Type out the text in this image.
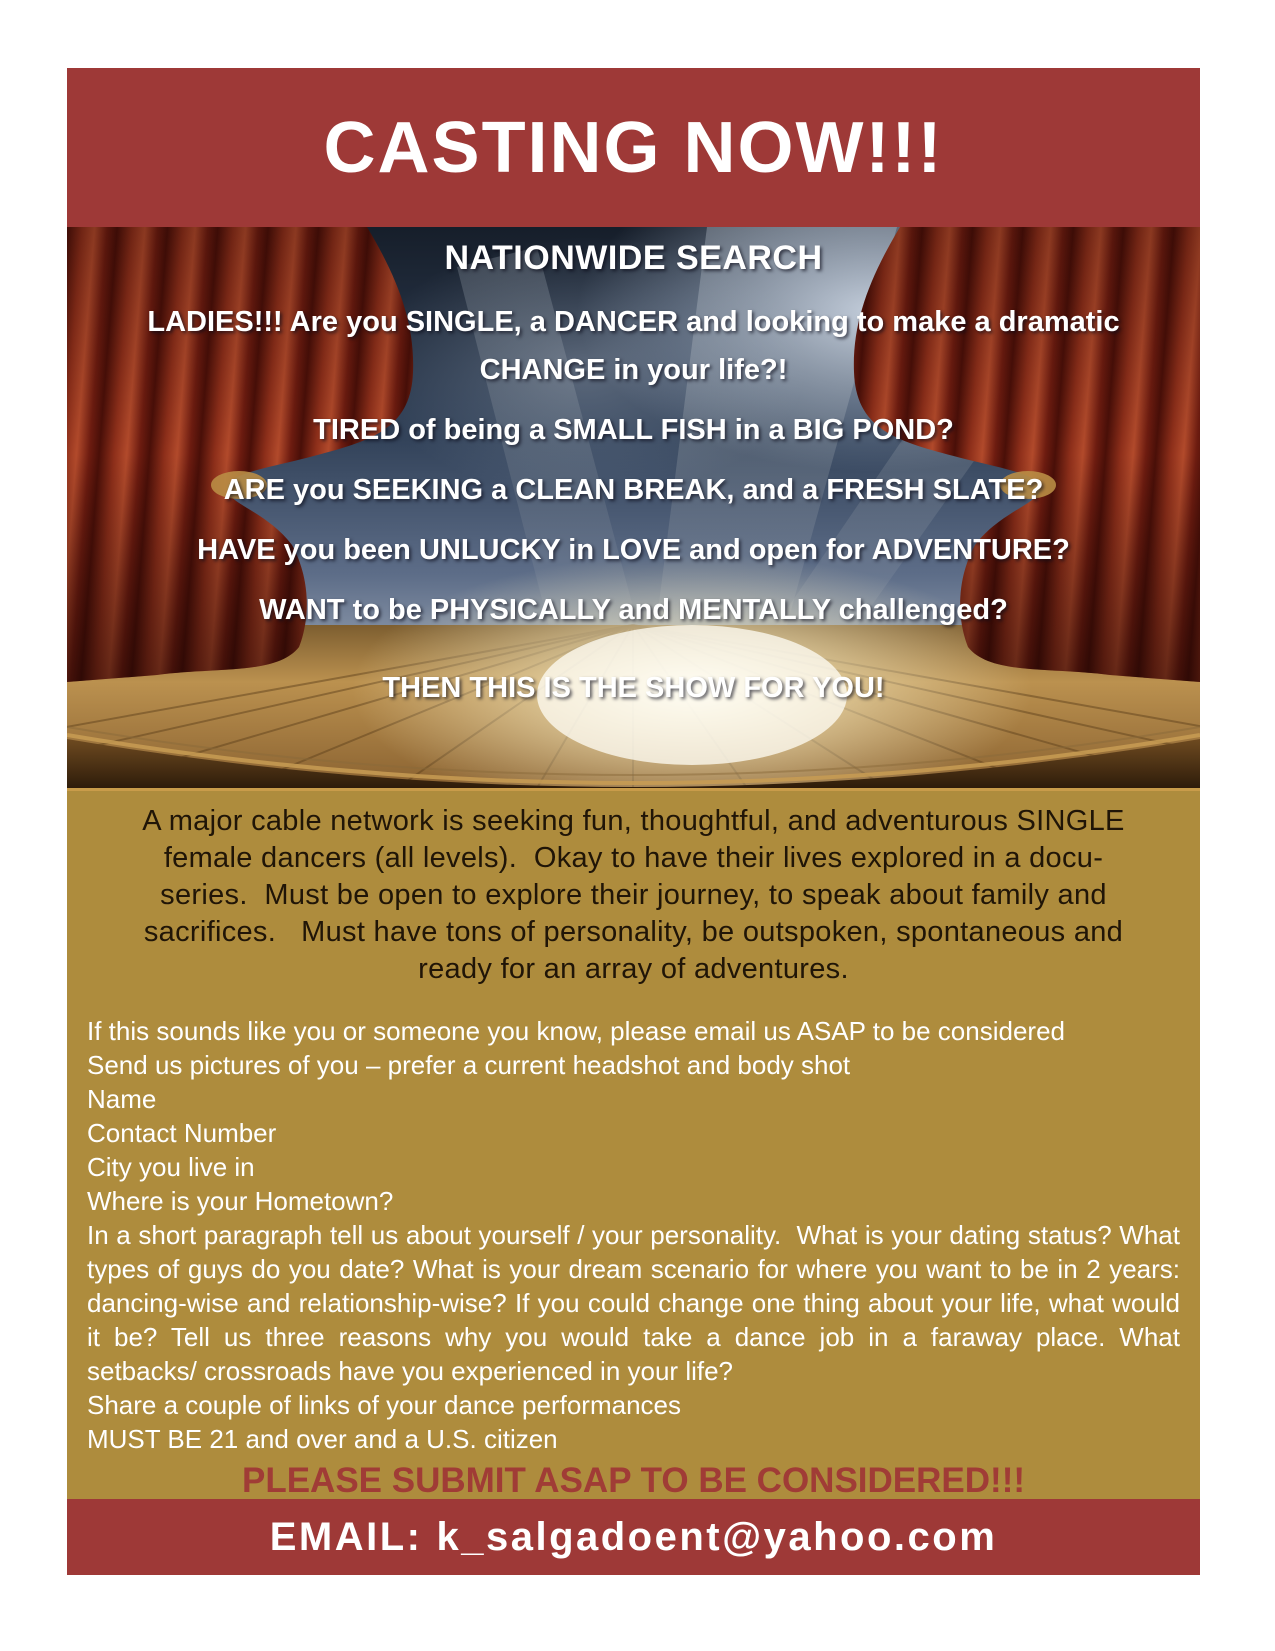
CASTING NOW!!!
NATIONWIDE SEARCH
LADIES!!! Are you SINGLE, a DANCER and looking to make a dramatic CHANGE in your life?!
TIRED of being a SMALL FISH in a BIG POND?
ARE you SEEKING a CLEAN BREAK, and a FRESH SLATE?
HAVE you been UNLUCKY in LOVE and open for ADVENTURE?
WANT to be PHYSICALLY and MENTALLY challenged?
THEN THIS IS THE SHOW FOR YOU!
A major cable network is seeking fun, thoughtful, and adventurous SINGLE
female dancers (all levels).  Okay to have their lives explored in a docu-
series.  Must be open to explore their journey, to speak about family and
sacrifices.   Must have tons of personality, be outspoken, spontaneous and
ready for an array of adventures.
If this sounds like you or someone you know, please email us ASAP to be considered
Send us pictures of you – prefer a current headshot and body shot
Name
Contact Number
City you live in
Where is your Hometown?
In a short paragraph tell us about yourself / your personality.  What is your dating status? What types of guys do you date? What is your dream scenario for where you want to be in 2 years: dancing-wise and relationship-wise? If you could change one thing about your life, what would it be? Tell us three reasons why you would take a dance job in a faraway place. What setbacks/ crossroads have you experienced in your life?
Share a couple of links of your dance performances
MUST BE 21 and over and a U.S. citizen
PLEASE SUBMIT ASAP TO BE CONSIDERED!!!
EMAIL: k_salgadoent@yahoo.com
